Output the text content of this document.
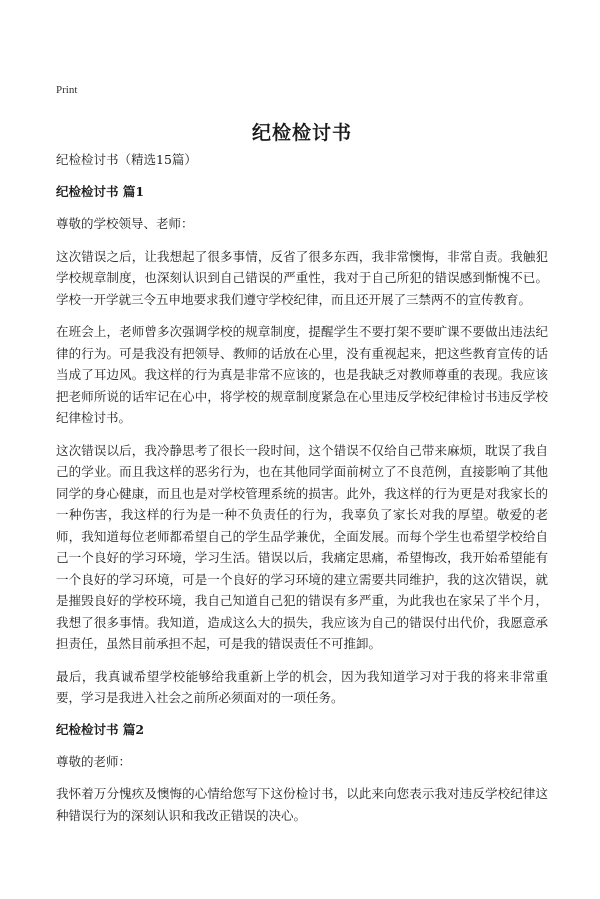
Print
纪检检讨书

纪检检讨书（精选15篇）

纪检检讨书 篇1

尊敬的学校领导、老师：

这次错误之后，让我想起了很多事情，反省了很多东西，我非常懊悔，非常自责。我触犯学校规章制度，也深刻认识到自己错误的严重性，我对于自己所犯的错误感到惭愧不已。学校一开学就三令五申地要求我们遵守学校纪律，而且还开展了三禁两不的宣传教育。

在班会上，老师曾多次强调学校的规章制度，提醒学生不要打架不要旷课不要做出违法纪律的行为。可是我没有把领导、教师的话放在心里，没有重视起来，把这些教育宣传的话当成了耳边风。我这样的行为真是非常不应该的，也是我缺乏对教师尊重的表现。我应该把老师所说的话牢记在心中，将学校的规章制度紧急在心里违反学校纪律检讨书违反学校纪律检讨书。

这次错误以后，我冷静思考了很长一段时间，这个错误不仅给自己带来麻烦，耽误了我自己的学业。而且我这样的恶劣行为，也在其他同学面前树立了不良范例，直接影响了其他同学的身心健康，而且也是对学校管理系统的损害。此外，我这样的行为更是对我家长的一种伤害，我这样的行为是一种不负责任的行为，我辜负了家长对我的厚望。敬爱的老师，我知道每位老师都希望自己的学生品学兼优，全面发展。而每个学生也希望学校给自己一个良好的学习环境，学习生活。错误以后，我痛定思痛，希望悔改，我开始希望能有一个良好的学习环境，可是一个良好的学习环境的建立需要共同维护，我的这次错误，就是摧毁良好的学校环境，我自己知道自己犯的错误有多严重，为此我也在家呆了半个月，我想了很多事情。我知道，造成这么大的损失，我应该为自己的错误付出代价，我愿意承担责任，虽然目前承担不起，可是我的错误责任不可推卸。

最后，我真诚希望学校能够给我重新上学的机会，因为我知道学习对于我的将来非常重要，学习是我进入社会之前所必须面对的一项任务。

纪检检讨书 篇2

尊敬的老师：

我怀着万分愧疚及懊悔的心情给您写下这份检讨书，以此来向您表示我对违反学校纪律这种错误行为的深刻认识和我改正错误的决心。
